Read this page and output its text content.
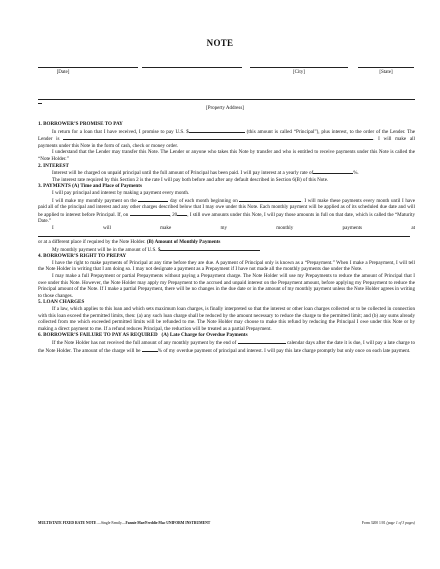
NOTE
[Date]	[City]	[State]
[Property Address]

1. BORROWER’S PROMISE TO PAY

In return for a loan that I have received, I promise to pay U.S. $	(this amount is called “Principal”), plus interest, to the order of the Lender. The Lender is	. I will make all payments under this Note in the form of cash, check or money order.

I understand that the Lender may transfer this Note. The Lender or anyone who takes this Note by transfer and who is entitled to receive payments under this Note is called the “Note Holder.”

2. INTEREST

Interest will be charged on unpaid principal until the full amount of Principal has been paid. I will pay interest at a yearly rate of	%.

The interest rate required by this Section 2 is the rate I will pay both before and after any default described in Section 6(B) of this Note.

3. PAYMENTS (A) Time and Place of Payments

I will pay principal and interest by making a payment every month.

I will make my monthly payment on the	day of each month beginning on	. I will make these payments every month until I have paid all of the principal and interest and any other charges described below that I may owe under this Note. Each monthly payment will be applied as of its scheduled due date and will be applied to interest before Principal. If, on	, 20 , I still owe amounts under this Note, I will pay those amounts in full on that date, which is called the “Maturity Date.”

I will make my monthly payments at

or at a different place if required by the Note Holder. (B) Amount of Monthly Payments

My monthly payment will be in the amount of U.S. $

4. BORROWER’S RIGHT TO PREPAY

I have the right to make payments of Principal at any time before they are due. A payment of Principal only is known as a “Prepayment.” When I make a Prepayment, I will tell the Note Holder in writing that I am doing so. I may not designate a payment as a Prepayment if I have not made all the monthly payments due under the Note.

I may make a full Prepayment or partial Prepayments without paying a Prepayment charge. The Note Holder will use my Prepayments to reduce the amount of Principal that I owe under this Note. However, the Note Holder may apply my Prepayment to the accrued and unpaid interest on the Prepayment amount, before applying my Prepayment to reduce the Principal amount of the Note. If I make a partial Prepayment, there will be no changes in the due date or in the amount of my monthly payment unless the Note Holder agrees in writing to those changes.

5. LOAN CHARGES

If a law, which applies to this loan and which sets maximum loan charges, is finally interpreted so that the interest or other loan charges collected or to be collected in connection with this loan exceed the permitted limits, then: (a) any such loan charge shall be reduced by the amount necessary to reduce the charge to the permitted limit; and (b) any sums already collected from me which exceeded permitted limits will be refunded to me. The Note Holder may choose to make this refund by reducing the Principal I owe under this Note or by making a direct payment to me. If a refund reduces Principal, the reduction will be treated as a partial Prepayment.

6. BORROWER’S FAILURE TO PAY AS REQUIRED (A) Late Charge for Overdue Payments

If the Note Holder has not received the full amount of any monthly payment by the end of	calendar days after the date it is due, I will pay a late charge to the Note Holder. The amount of the charge will be	% of my overdue payment of principal and interest. I will pay this late charge promptly but only once on each late payment.

MULTISTATE FIXED RATE NOTE —Single Family—Fannie Mae/Freddie Mac UNIFORM INSTRUMENT	Form 3200 1/01 (page 1 of 3 pages)
